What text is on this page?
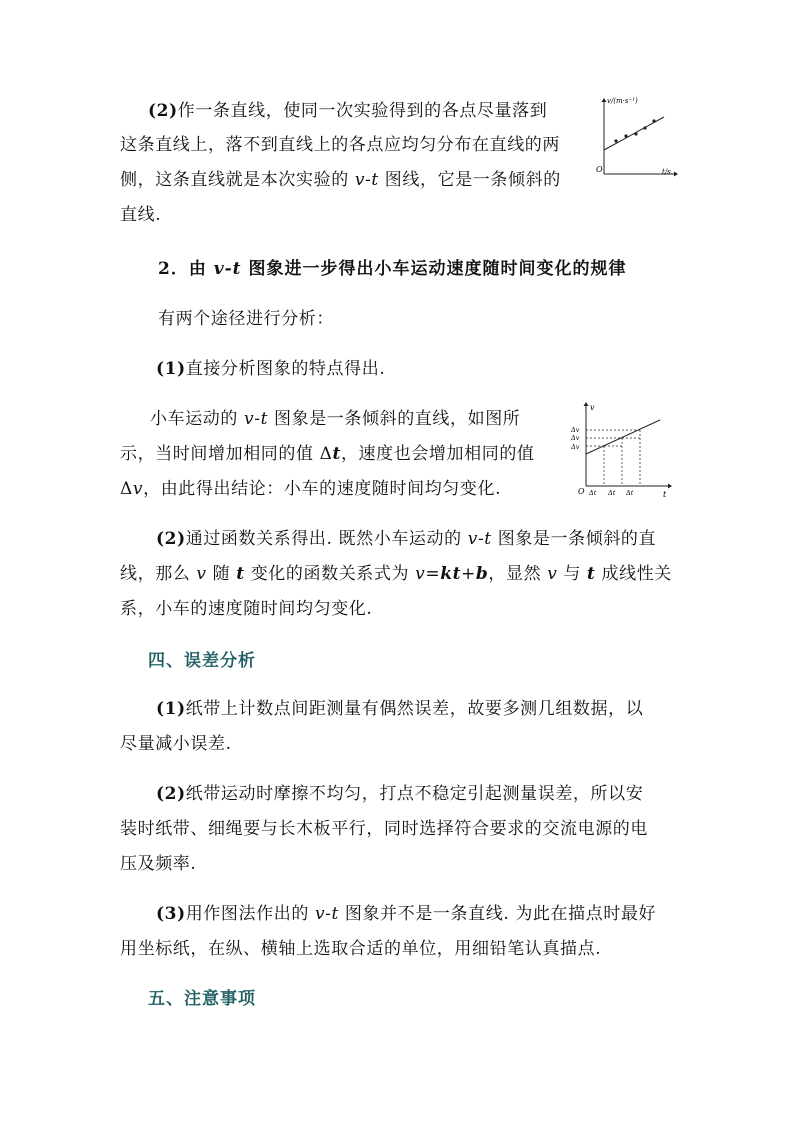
(2)作一条直线，使同一次实验得到的各点尽量落到
这条直线上，落不到直线上的各点应均匀分布在直线的两
侧，这条直线就是本次实验的 v-t 图线，它是一条倾斜的
直线.
v/(m·s⁻¹)
t/s
O
2．由 v-t 图象进一步得出小车运动速度随时间变化的规律
有两个途径进行分析：
(1)直接分析图象的特点得出.
小车运动的 v-t 图象是一条倾斜的直线，如图所
示，当时间增加相同的值 Δt，速度也会增加相同的值
Δv，由此得出结论：小车的速度随时间均匀变化.
v
t
O
Δv
Δv
Δv
Δt Δt Δt
(2)通过函数关系得出. 既然小车运动的 v-t 图象是一条倾斜的直
线，那么 v 随 t 变化的函数关系式为 v=kt+b，显然 v 与 t 成线性关
系，小车的速度随时间均匀变化.
四、误差分析
(1)纸带上计数点间距测量有偶然误差，故要多测几组数据，以
尽量减小误差.
(2)纸带运动时摩擦不均匀，打点不稳定引起测量误差，所以安
装时纸带、细绳要与长木板平行，同时选择符合要求的交流电源的电
压及频率.
(3)用作图法作出的 v-t 图象并不是一条直线. 为此在描点时最好
用坐标纸，在纵、横轴上选取合适的单位，用细铅笔认真描点.
五、注意事项
